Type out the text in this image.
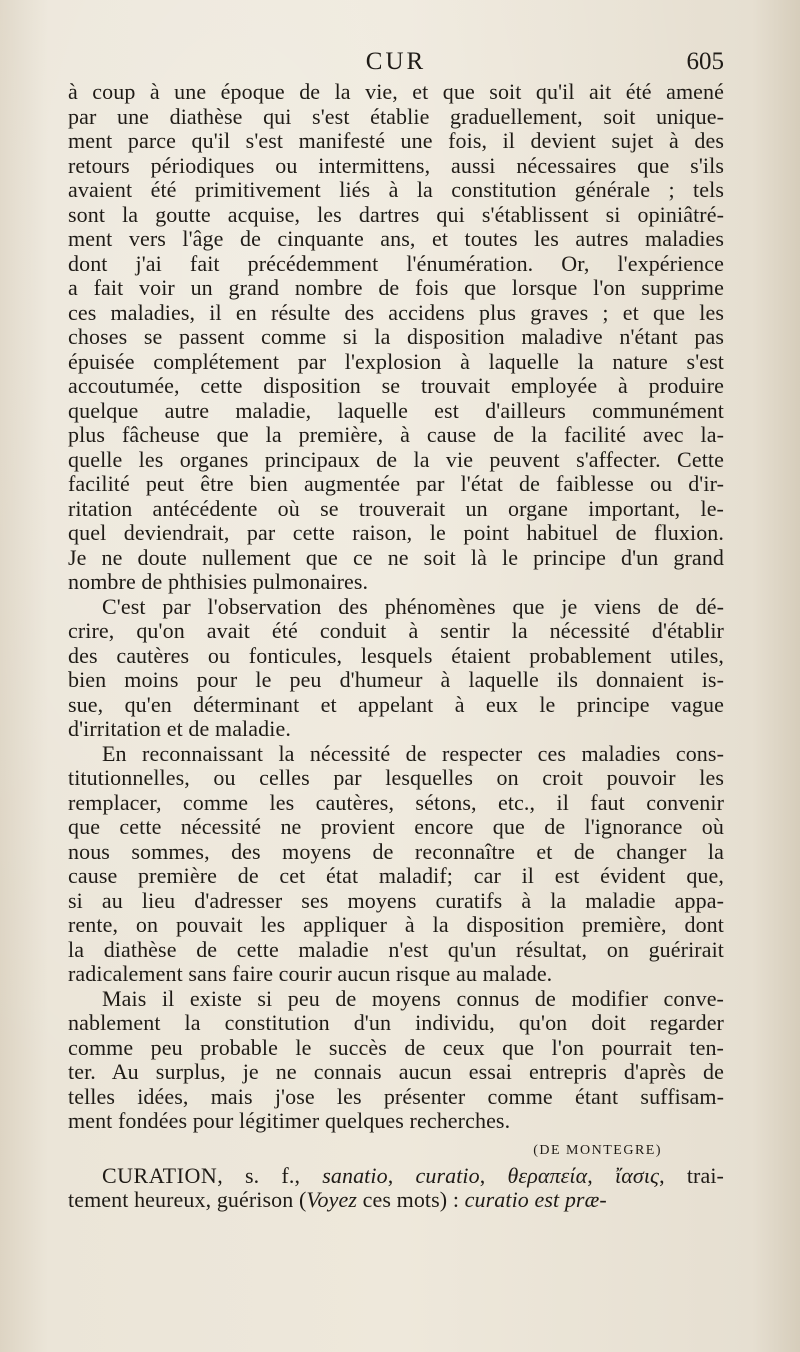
CUR	605
à coup à une époque de la vie, et que soit qu'il ait été amené
par une diathèse qui s'est établie graduellement, soit unique-
ment parce qu'il s'est manifesté une fois, il devient sujet à des
retours périodiques ou intermittens, aussi nécessaires que s'ils
avaient été primitivement liés à la constitution générale ; tels
sont la goutte acquise, les dartres qui s'établissent si opiniâtré-
ment vers l'âge de cinquante ans, et toutes les autres maladies
dont j'ai fait précédemment l'énumération. Or, l'expérience
a fait voir un grand nombre de fois que lorsque l'on supprime
ces maladies, il en résulte des accidens plus graves ; et que les
choses se passent comme si la disposition maladive n'étant pas
épuisée complétement par l'explosion à laquelle la nature s'est
accoutumée, cette disposition se trouvait employée à produire
quelque autre maladie, laquelle est d'ailleurs communément
plus fâcheuse que la première, à cause de la facilité avec la-
quelle les organes principaux de la vie peuvent s'affecter. Cette
facilité peut être bien augmentée par l'état de faiblesse ou d'ir-
ritation antécédente où se trouverait un organe important, le-
quel deviendrait, par cette raison, le point habituel de fluxion.
Je ne doute nullement que ce ne soit là le principe d'un grand
nombre de phthisies pulmonaires.
C'est par l'observation des phénomènes que je viens de dé-
crire, qu'on avait été conduit à sentir la nécessité d'établir
des cautères ou fonticules, lesquels étaient probablement utiles,
bien moins pour le peu d'humeur à laquelle ils donnaient is-
sue, qu'en déterminant et appelant à eux le principe vague
d'irritation et de maladie.
En reconnaissant la nécessité de respecter ces maladies cons-
titutionnelles, ou celles par lesquelles on croit pouvoir les
remplacer, comme les cautères, sétons, etc., il faut convenir
que cette nécessité ne provient encore que de l'ignorance où
nous sommes, des moyens de reconnaître et de changer la
cause première de cet état maladif; car il est évident que,
si au lieu d'adresser ses moyens curatifs à la maladie appa-
rente, on pouvait les appliquer à la disposition première, dont
la diathèse de cette maladie n'est qu'un résultat, on guérirait
radicalement sans faire courir aucun risque au malade.
Mais il existe si peu de moyens connus de modifier conve-
nablement la constitution d'un individu, qu'on doit regarder
comme peu probable le succès de ceux que l'on pourrait ten-
ter. Au surplus, je ne connais aucun essai entrepris d'après de
telles idées, mais j'ose les présenter comme étant suffisam-
ment fondées pour légitimer quelques recherches.
(DE MONTEGRE)
CURATION, s. f., sanatio, curatio, θεραπεία, ἴασις, trai-
tement heureux, guérison (Voyez ces mots) : curatio est præ-
